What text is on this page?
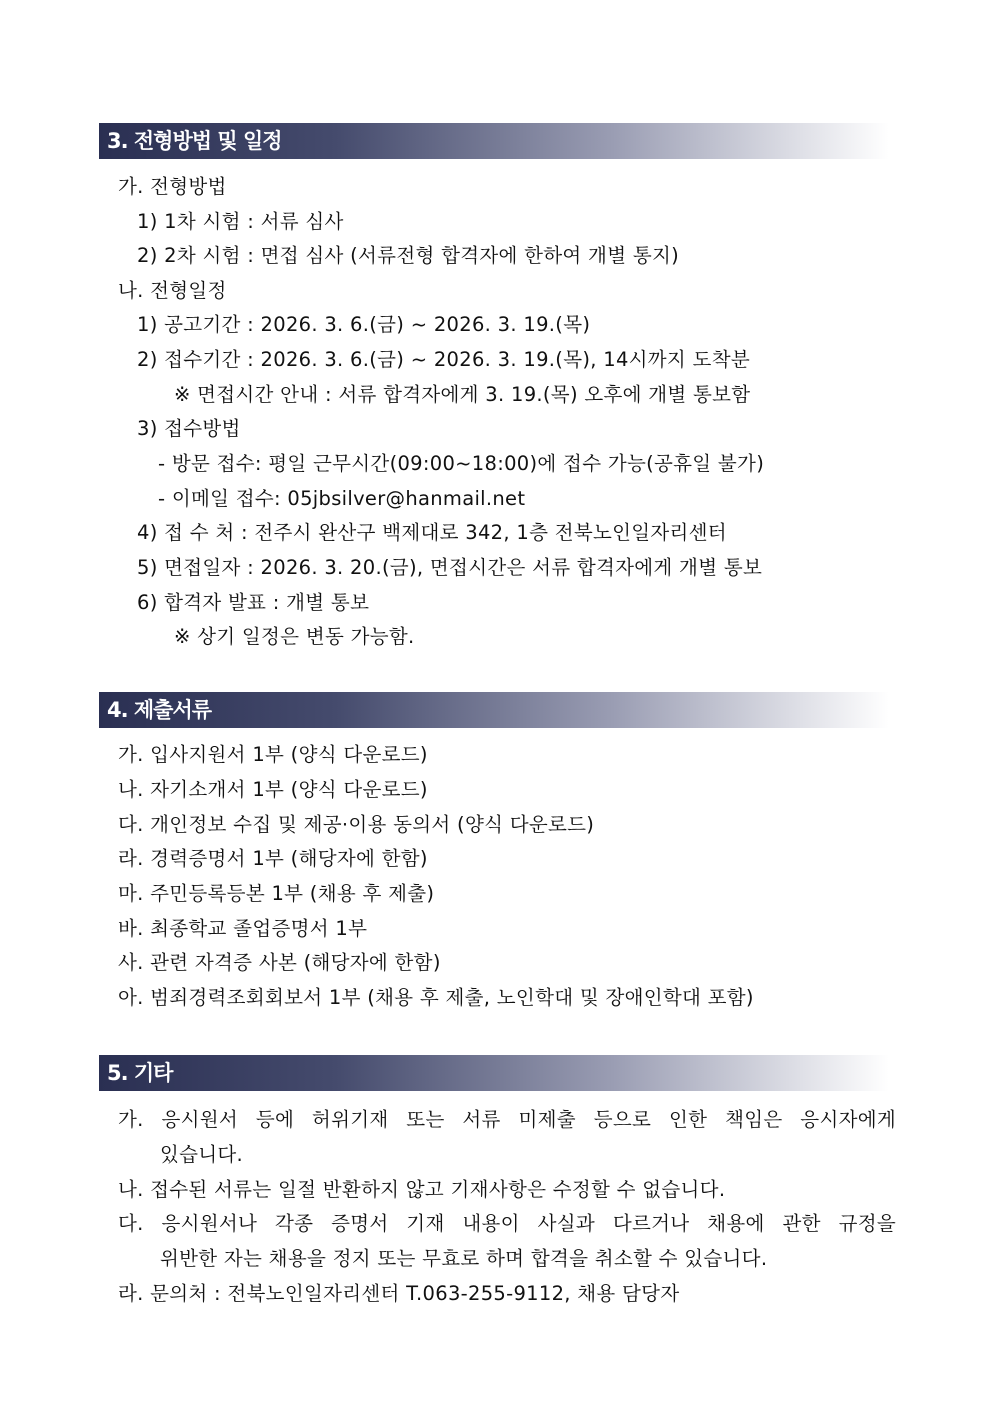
3. 전형방법 및 일정
가. 전형방법
1) 1차 시험 : 서류 심사
2) 2차 시험 : 면접 심사 (서류전형 합격자에 한하여 개별 통지)
나. 전형일정
1) 공고기간 : 2026. 3. 6.(금) ~ 2026. 3. 19.(목)
2) 접수기간 : 2026. 3. 6.(금) ~ 2026. 3. 19.(목), 14시까지 도착분
※ 면접시간 안내 : 서류 합격자에게 3. 19.(목) 오후에 개별 통보함
3) 접수방법
- 방문 접수: 평일 근무시간(09:00~18:00)에 접수 가능(공휴일 불가)
- 이메일 접수: 05jbsilver@hanmail.net
4) 접 수 처 : 전주시 완산구 백제대로 342, 1층 전북노인일자리센터
5) 면접일자 : 2026. 3. 20.(금), 면접시간은 서류 합격자에게 개별 통보
6) 합격자 발표 : 개별 통보
※ 상기 일정은 변동 가능함.
4. 제출서류
가. 입사지원서 1부 (양식 다운로드)
나. 자기소개서 1부 (양식 다운로드)
다. 개인정보 수집 및 제공·이용 동의서 (양식 다운로드)
라. 경력증명서 1부 (해당자에 한함)
마. 주민등록등본 1부 (채용 후 제출)
바. 최종학교 졸업증명서 1부
사. 관련 자격증 사본 (해당자에 한함)
아. 범죄경력조회회보서 1부 (채용 후 제출, 노인학대 및 장애인학대 포함)
5. 기타
가. 응시원서 등에 허위기재 또는 서류 미제출 등으로 인한 책임은 응시자에게
있습니다.
나. 접수된 서류는 일절 반환하지 않고 기재사항은 수정할 수 없습니다.
다. 응시원서나 각종 증명서 기재 내용이 사실과 다르거나 채용에 관한 규정을
위반한 자는 채용을 정지 또는 무효로 하며 합격을 취소할 수 있습니다.
라. 문의처 : 전북노인일자리센터 T.063-255-9112, 채용 담당자
